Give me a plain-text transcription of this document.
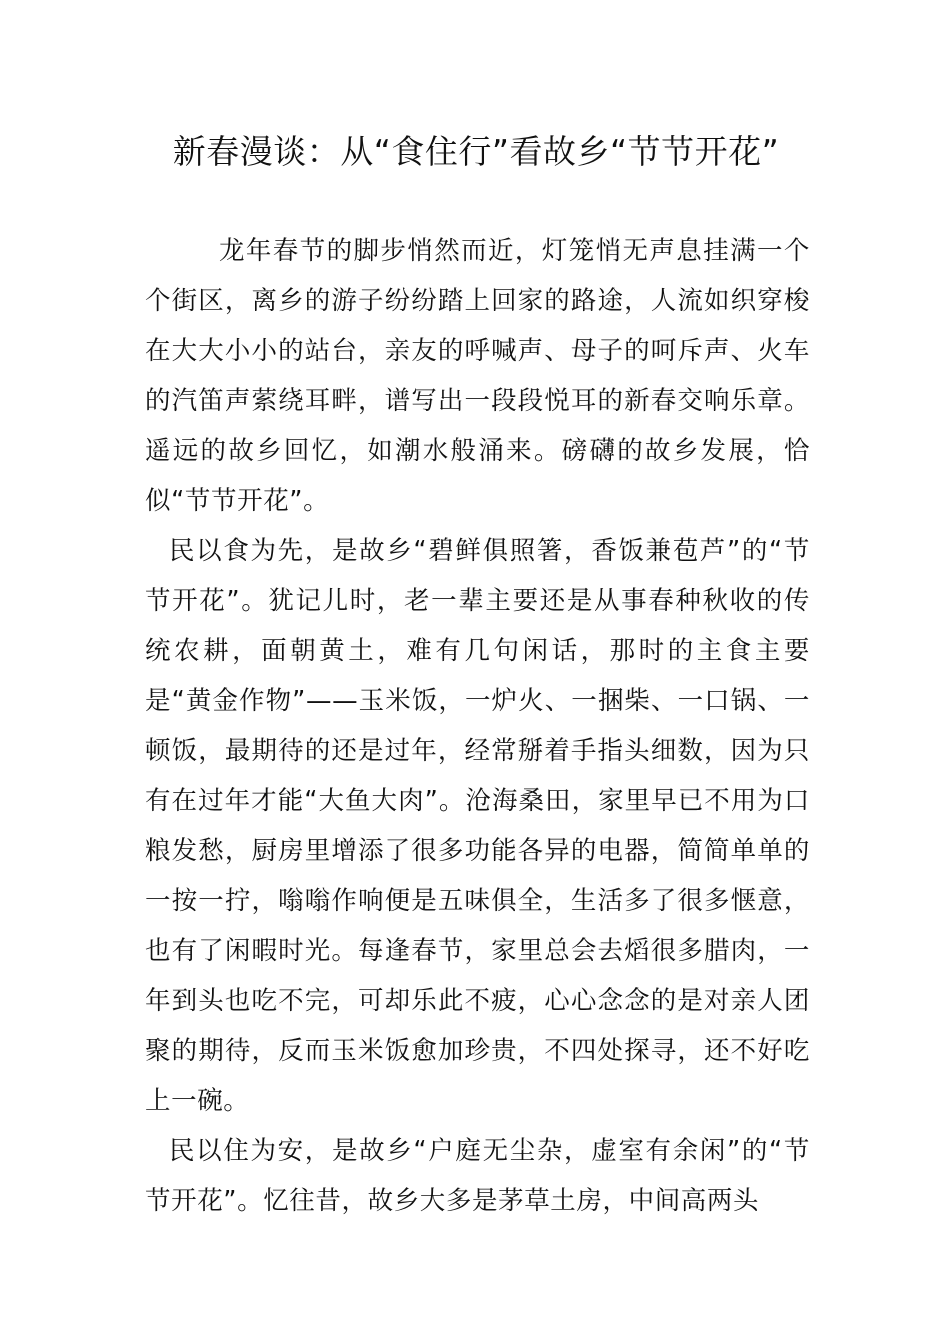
新春漫谈：从“食住行”看故乡“节节开花”

龙年春节的脚步悄然而近，灯笼悄无声息挂满一个个街区，离乡的游子纷纷踏上回家的路途，人流如织穿梭在大大小小的站台，亲友的呼喊声、母子的呵斥声、火车的汽笛声萦绕耳畔，谱写出一段段悦耳的新春交响乐章。遥远的故乡回忆，如潮水般涌来。磅礴的故乡发展，恰似“节节开花”。

民以食为先，是故乡“碧鲜俱照箸，香饭兼苞芦”的“节节开花”。犹记儿时，老一辈主要还是从事春种秋收的传统农耕，面朝黄土，难有几句闲话，那时的主食主要是“黄金作物”——玉米饭，一炉火、一捆柴、一口锅、一顿饭，最期待的还是过年，经常掰着手指头细数，因为只有在过年才能“大鱼大肉”。沧海桑田，家里早已不用为口粮发愁，厨房里增添了很多功能各异的电器，简简单单的一按一拧，嗡嗡作响便是五味俱全，生活多了很多惬意，也有了闲暇时光。每逢春节，家里总会去熖很多腊肉，一年到头也吃不完，可却乐此不疲，心心念念的是对亲人团聚的期待，反而玉米饭愈加珍贵，不四处探寻，还不好吃上一碗。

民以住为安，是故乡“户庭无尘杂，虚室有余闲”的“节节开花”。忆往昔，故乡大多是茅草土房，中间高两头
